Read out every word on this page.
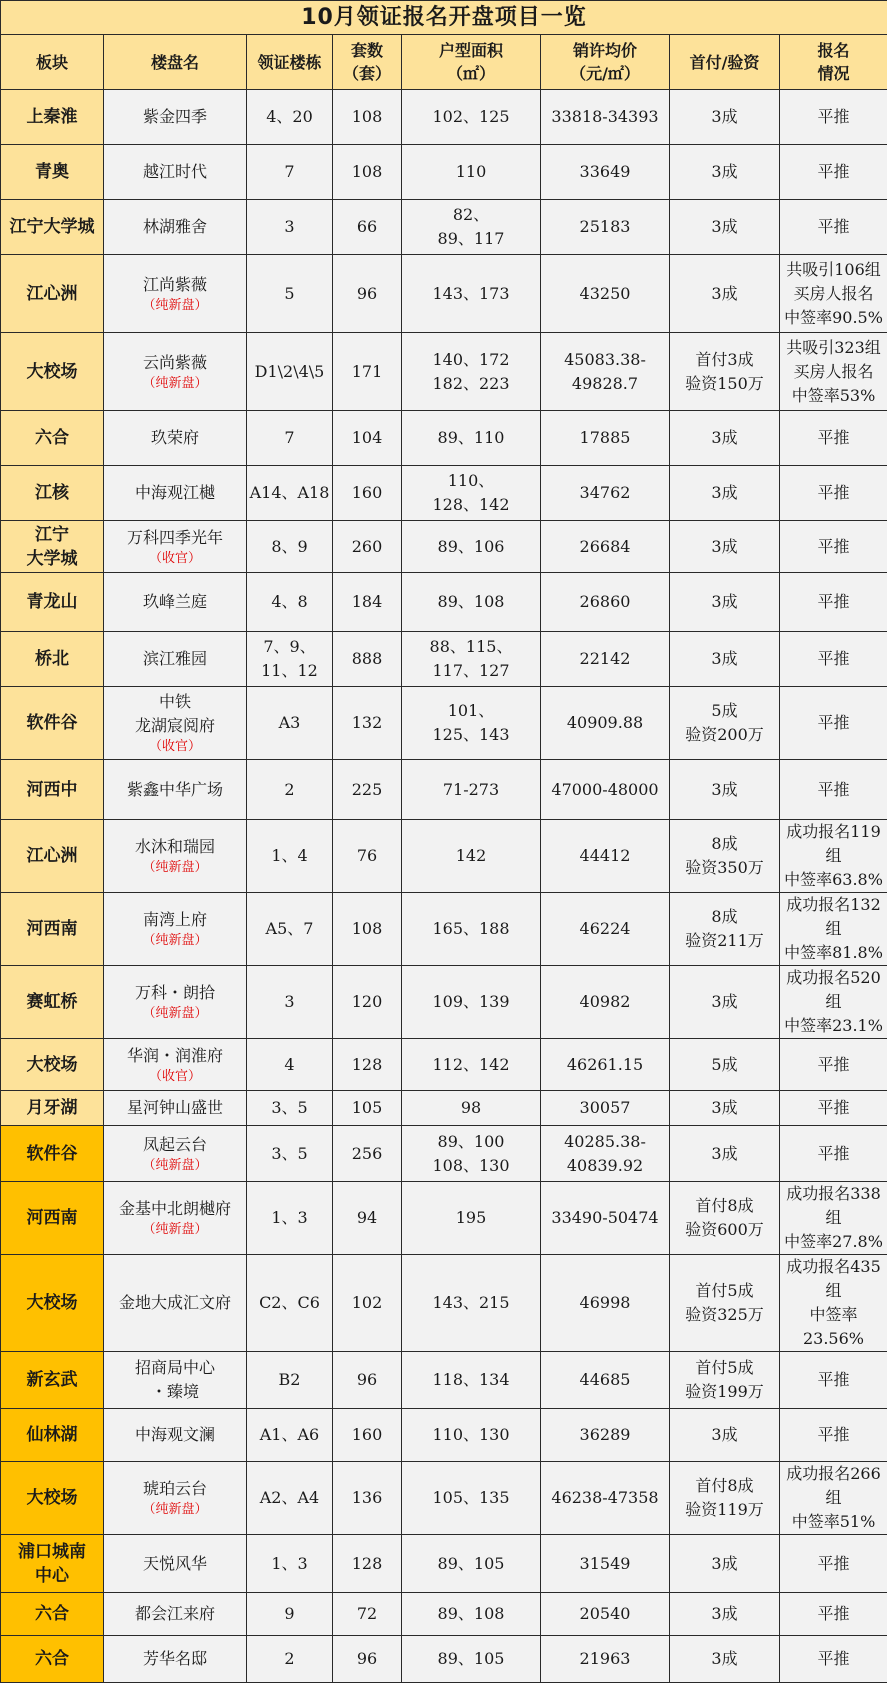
10月领证报名开盘项目一览							

板块	楼盘名	领证楼栋	套数
（套）	户型面积
（㎡）	销许均价
（元/㎡）	首付/验资	报名
情况

上秦淮	紫金四季	4、20	108	102、125	33818-34393	3成	平推

青奥	越江时代	7	108	110	33649	3成	平推

江宁大学城	林湖雅舍	3	66	82、
89、117	25183	3成	平推

江心洲	江尚紫薇
（纯新盘）	5	96	143、173	43250	3成	共吸引106组
买房人报名
中签率90.5%

大校场	云尚紫薇
（纯新盘）	D1\2\4\5	171	140、172
182、223	45083.38-
49828.7	首付3成
验资150万	共吸引323组
买房人报名
中签率53%

六合	玖荣府	7	104	89、110	17885	3成	平推

江核	中海观江樾	A14、A18	160	110、
128、142	34762	3成	平推

江宁
大学城	万科四季光年
（收官）	8、9	260	89、106	26684	3成	平推

青龙山	玖峰兰庭	4、8	184	89、108	26860	3成	平推

桥北	滨江雅园	7、9、
11、12	888	88、115、
117、127	22142	3成	平推

软件谷	中铁
龙湖宸阅府
（收官）	A3	132	101、
125、143	40909.88	5成
验资200万	平推

河西中	紫鑫中华广场	2	225	71-273	47000-48000	3成	平推

江心洲	水沐和瑞园
（纯新盘）	1、4	76	142	44412	8成
验资350万	成功报名119组
中签率63.8%

河西南	南湾上府
（纯新盘）	A5、7	108	165、188	46224	8成
验资211万	成功报名132组
中签率81.8%

赛虹桥	万科・朗拾
（纯新盘）	3	120	109、139	40982	3成	成功报名520组
中签率23.1%

大校场	华润・润淮府
（收官）	4	128	112、142	46261.15	5成	平推

月牙湖	星河钟山盛世	3、5	105	98	30057	3成	平推

软件谷	凤起云台
（纯新盘）	3、5	256	89、100
108、130	40285.38-
40839.92	3成	平推

河西南	金基中北朗樾府
（纯新盘）	1、3	94	195	33490-50474	首付8成
验资600万	成功报名338组
中签率27.8%

大校场	金地大成汇文府	C2、C6	102	143、215	46998	首付5成
验资325万	成功报名435组
中签率23.56%

新玄武	招商局中心
・臻境	B2	96	118、134	44685	首付5成
验资199万	平推

仙林湖	中海观文澜	A1、A6	160	110、130	36289	3成	平推

大校场	琥珀云台
（纯新盘）	A2、A4	136	105、135	46238-47358	首付8成
验资119万	成功报名266组
中签率51%

浦口城南
中心	天悦风华	1、3	128	89、105	31549	3成	平推

六合	都会江来府	9	72	89、108	20540	3成	平推

六合	芳华名邸	2	96	89、105	21963	3成	平推
